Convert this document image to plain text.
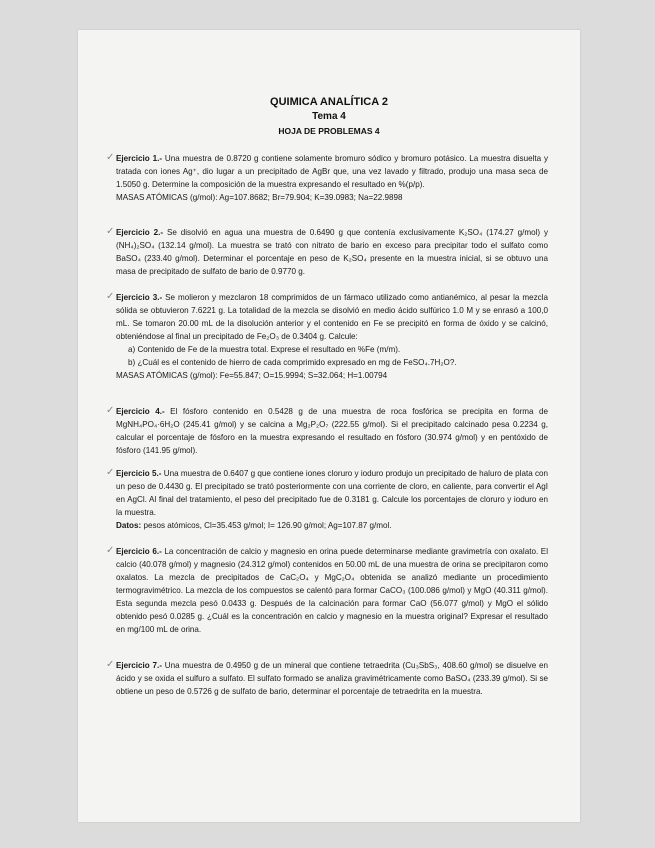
QUIMICA ANALÍTICA 2
Tema 4
HOJA DE PROBLEMAS 4

✓ Ejercicio 1.- Una muestra de 0.8720 g contiene solamente bromuro sódico y bromuro potásico. La muestra disuelta y tratada con iones Ag⁺, dio lugar a un precipitado de AgBr que, una vez lavado y filtrado, produjo una masa seca de 1.5050 g. Determine la composición de la muestra expresando el resultado en %(p/p).
MASAS ATÓMICAS (g/mol): Ag=107.8682; Br=79.904; K=39.0983; Na=22.9898

✓ Ejercicio 2.- Se disolvió en agua una muestra de 0.6490 g que contenía exclusivamente K₂SO₄ (174.27 g/mol) y (NH₄)₂SO₄ (132.14 g/mol). La muestra se trató con nitrato de bario en exceso para precipitar todo el sulfato como BaSO₄ (233.40 g/mol). Determinar el porcentaje en peso de K₂SO₄ presente en la muestra inicial, si se obtuvo una masa de precipitado de sulfato de bario de 0.9770 g.

✓ Ejercicio 3.- Se molieron y mezclaron 18 comprimidos de un fármaco utilizado como antianémico, al pesar la mezcla sólida se obtuvieron 7.6221 g. La totalidad de la mezcla se disolvió en medio ácido sulfúrico 1.0 M y se enrasó a 100,0 mL. Se tomaron 20.00 mL de la disolución anterior y el contenido en Fe se precipitó en forma de óxido y se calcinó, obteniéndose al final un precipitado de Fe₂O₃ de 0.3404 g. Calcule:
a) Contenido de Fe de la muestra total. Exprese el resultado en %Fe (m/m).
b) ¿Cuál es el contenido de hierro de cada comprimido expresado en mg de FeSO₄.7H₂O?.
MASAS ATÓMICAS (g/mol): Fe=55.847; O=15.9994; S=32.064; H=1.00794

✓ Ejercicio 4.- El fósforo contenido en 0.5428 g de una muestra de roca fosfórica se precipita en forma de MgNH₄PO₄·6H₂O (245.41 g/mol) y se calcina a Mg₂P₂O₇ (222.55 g/mol). Si el precipitado calcinado pesa 0.2234 g, calcular el porcentaje de fósforo en la muestra expresando el resultado en fósforo (30.974 g/mol) y en pentóxido de fósforo (141.95 g/mol).

✓ Ejercicio 5.- Una muestra de 0.6407 g que contiene iones cloruro y ioduro produjo un precipitado de haluro de plata con un peso de 0.4430 g. El precipitado se trató posteriormente con una corriente de cloro, en caliente, para convertir el AgI en AgCl. Al final del tratamiento, el peso del precipitado fue de 0.3181 g. Calcule los porcentajes de cloruro y ioduro en la muestra.
Datos: pesos atómicos, Cl=35.453 g/mol; I= 126.90 g/mol; Ag=107.87 g/mol.

✓ Ejercicio 6.- La concentración de calcio y magnesio en orina puede determinarse mediante gravimetría con oxalato. El calcio (40.078 g/mol) y magnesio (24.312 g/mol) contenidos en 50.00 mL de una muestra de orina se precipitaron como oxalatos. La mezcla de precipitados de CaC₂O₄ y MgC₂O₄ obtenida se analizó mediante un procedimiento termogravimétrico. La mezcla de los compuestos se calentó para formar CaCO₃ (100.086 g/mol) y MgO (40.311 g/mol). Esta segunda mezcla pesó 0.0433 g. Después de la calcinación para formar CaO (56.077 g/mol) y MgO el sólido obtenido pesó 0.0285 g. ¿Cuál es la concentración en calcio y magnesio en la muestra original? Expresar el resultado en mg/100 mL de orina.

✓ Ejercicio 7.- Una muestra de 0.4950 g de un mineral que contiene tetraedrita (Cu₃SbS₃, 408.60 g/mol) se disuelve en ácido y se oxida el sulfuro a sulfato. El sulfato formado se analiza gravimétricamente como BaSO₄ (233.39 g/mol). Si se obtiene un peso de 0.5726 g de sulfato de bario, determinar el porcentaje de tetraedrita en la muestra.
